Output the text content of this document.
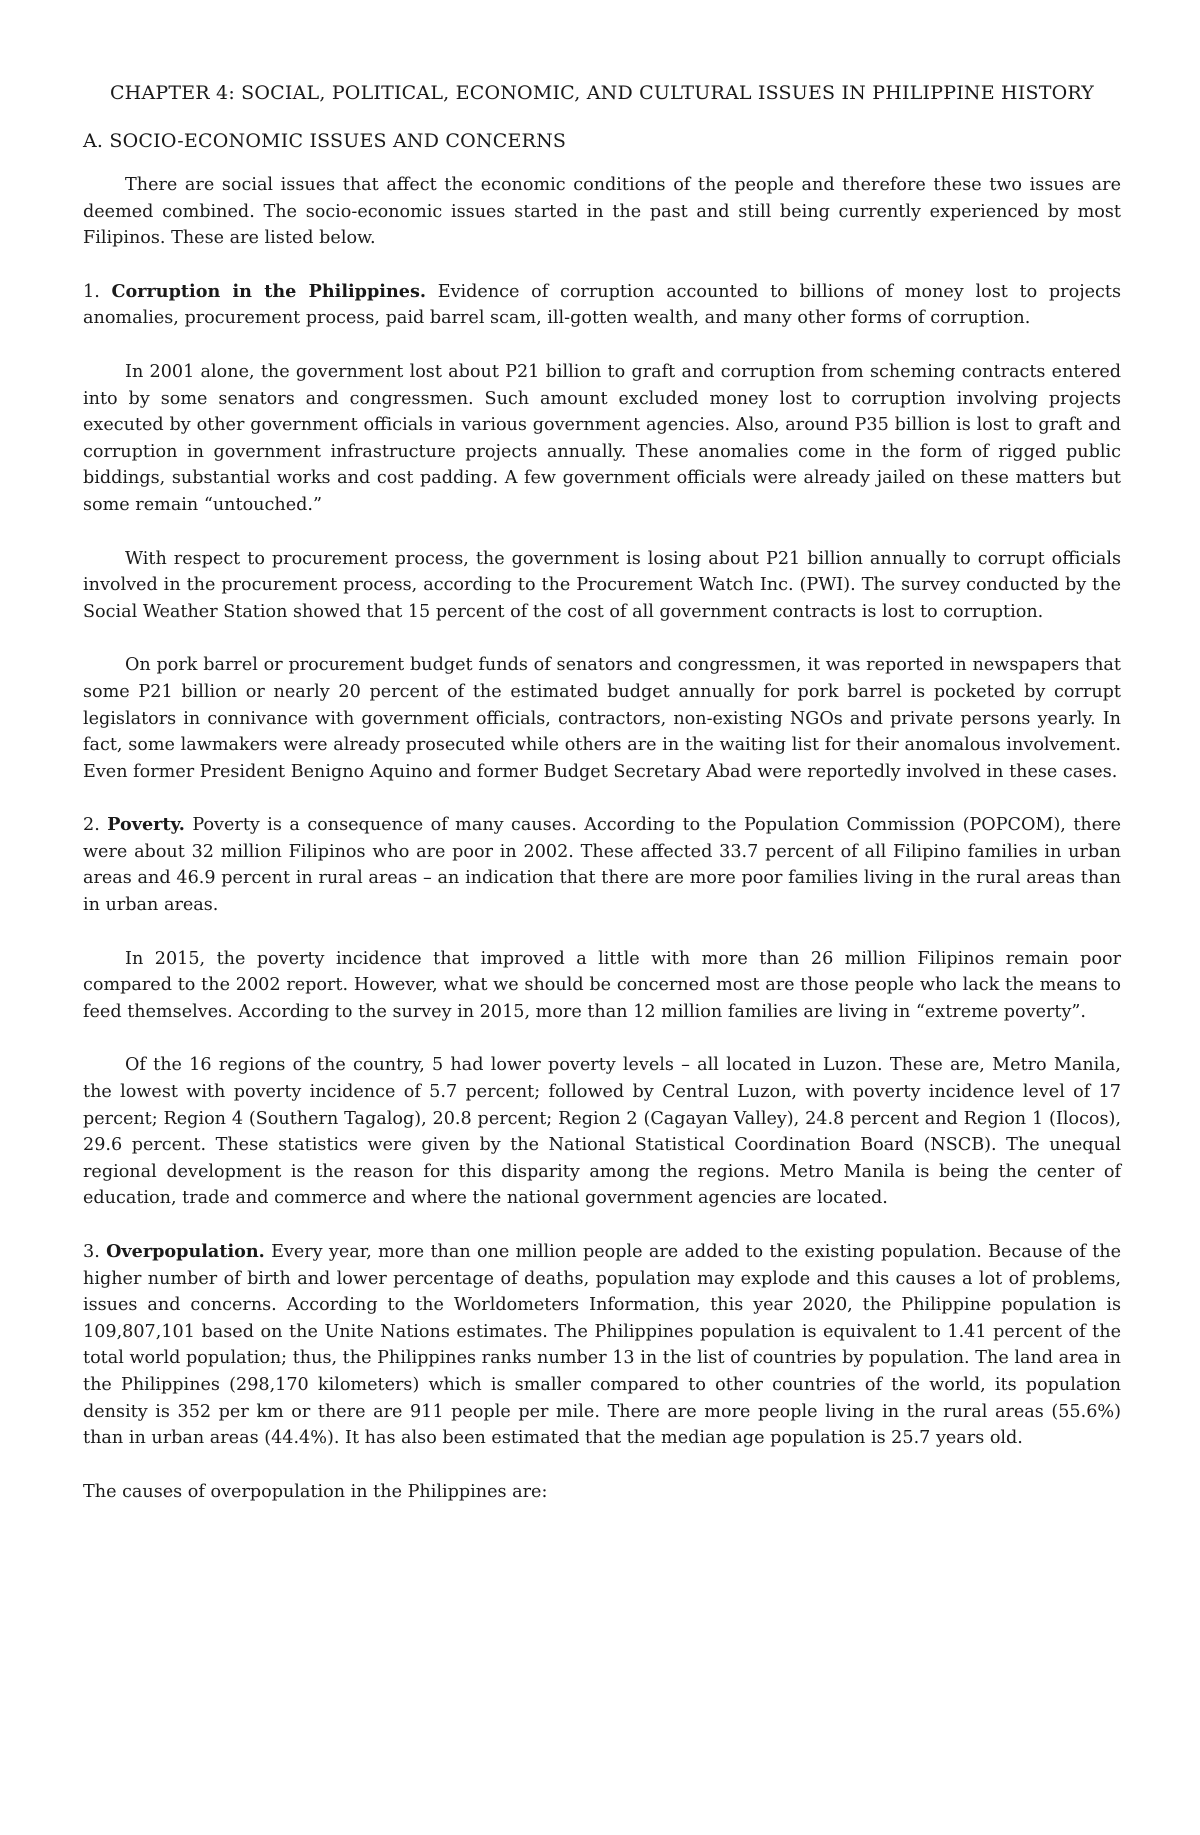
CHAPTER 4: SOCIAL, POLITICAL, ECONOMIC, AND CULTURAL ISSUES IN PHILIPPINE HISTORY
A. SOCIO-ECONOMIC ISSUES AND CONCERNS

There are social issues that affect the economic conditions of the people and therefore these two issues are deemed combined. The socio-economic issues started in the past and still being currently experienced by most Filipinos. These are listed below.

1. Corruption in the Philippines. Evidence of corruption accounted to billions of money lost to projects anomalies, procurement process, paid barrel scam, ill-gotten wealth, and many other forms of corruption.

In 2001 alone, the government lost about P21 billion to graft and corruption from scheming contracts entered into by some senators and congressmen. Such amount excluded money lost to corruption involving projects executed by other government officials in various government agencies. Also, around P35 billion is lost to graft and corruption in government infrastructure projects annually. These anomalies come in the form of rigged public biddings, substantial works and cost padding. A few government officials were already jailed on these matters but some remain “untouched.”

With respect to procurement process, the government is losing about P21 billion annually to corrupt officials involved in the procurement process, according to the Procurement Watch Inc. (PWI). The survey conducted by the Social Weather Station showed that 15 percent of the cost of all government contracts is lost to corruption.

On pork barrel or procurement budget funds of senators and congressmen, it was reported in newspapers that some P21 billion or nearly 20 percent of the estimated budget annually for pork barrel is pocketed by corrupt legislators in connivance with government officials, contractors, non-existing NGOs and private persons yearly. In fact, some lawmakers were already prosecuted while others are in the waiting list for their anomalous involvement. Even former President Benigno Aquino and former Budget Secretary Abad were reportedly involved in these cases.

2. Poverty. Poverty is a consequence of many causes. According to the Population Commission (POPCOM), there were about 32 million Filipinos who are poor in 2002. These affected 33.7 percent of all Filipino families in urban areas and 46.9 percent in rural areas – an indication that there are more poor families living in the rural areas than in urban areas.

In 2015, the poverty incidence that improved a little with more than 26 million Filipinos remain poor compared to the 2002 report. However, what we should be concerned most are those people who lack the means to feed themselves. According to the survey in 2015, more than 12 million families are living in “extreme poverty”.

Of the 16 regions of the country, 5 had lower poverty levels – all located in Luzon. These are, Metro Manila, the lowest with poverty incidence of 5.7 percent; followed by Central Luzon, with poverty incidence level of 17 percent; Region 4 (Southern Tagalog), 20.8 percent; Region 2 (Cagayan Valley), 24.8 percent and Region 1 (Ilocos), 29.6 percent. These statistics were given by the National Statistical Coordination Board (NSCB). The unequal regional development is the reason for this disparity among the regions. Metro Manila is being the center of education, trade and commerce and where the national government agencies are located.

3. Overpopulation. Every year, more than one million people are added to the existing population. Because of the higher number of birth and lower percentage of deaths, population may explode and this causes a lot of problems, issues and concerns. According to the Worldometers Information, this year 2020, the Philippine population is 109,807,101 based on the Unite Nations estimates. The Philippines population is equivalent to 1.41 percent of the total world population; thus, the Philippines ranks number 13 in the list of countries by population. The land area in the Philippines (298,170 kilometers) which is smaller compared to other countries of the world, its population density is 352 per km or there are 911 people per mile. There are more people living in the rural areas (55.6%) than in urban areas (44.4%). It has also been estimated that the median age population is 25.7 years old.

The causes of overpopulation in the Philippines are:
